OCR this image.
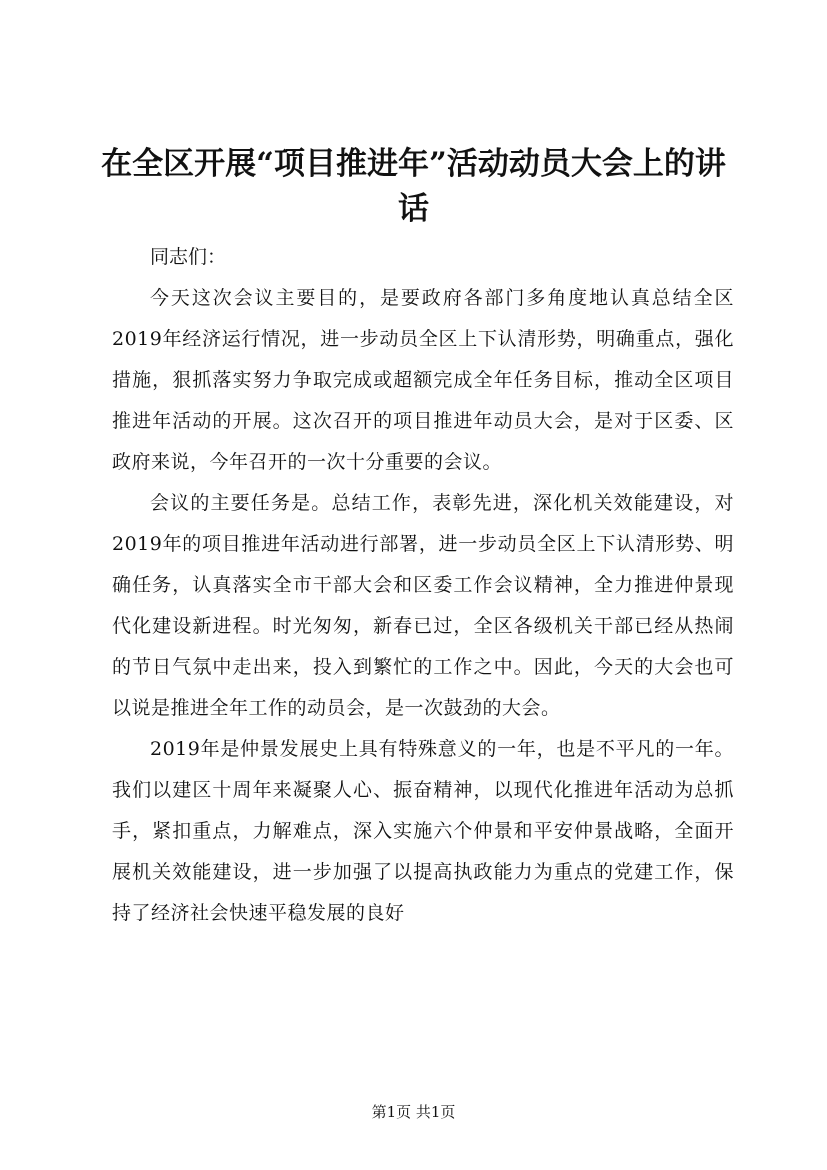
在全区开展“项目推进年”活动动员大会上的讲话

同志们：

今天这次会议主要目的，是要政府各部门多角度地认真总结全区2019年经济运行情况，进一步动员全区上下认清形势，明确重点，强化措施，狠抓落实努力争取完成或超额完成全年任务目标，推动全区项目推进年活动的开展。这次召开的项目推进年动员大会，是对于区委、区政府来说，今年召开的一次十分重要的会议。

会议的主要任务是。总结工作，表彰先进，深化机关效能建设，对2019年的项目推进年活动进行部署，进一步动员全区上下认清形势、明确任务，认真落实全市干部大会和区委工作会议精神，全力推进仲景现代化建设新进程。时光匆匆，新春已过，全区各级机关干部已经从热闹的节日气氛中走出来，投入到繁忙的工作之中。因此，今天的大会也可以说是推进全年工作的动员会，是一次鼓劲的大会。

2019年是仲景发展史上具有特殊意义的一年，也是不平凡的一年。我们以建区十周年来凝聚人心、振奋精神，以现代化推进年活动为总抓手，紧扣重点，力解难点，深入实施六个仲景和平安仲景战略，全面开展机关效能建设，进一步加强了以提高执政能力为重点的党建工作，保持了经济社会快速平稳发展的良好

第1页 共1页
